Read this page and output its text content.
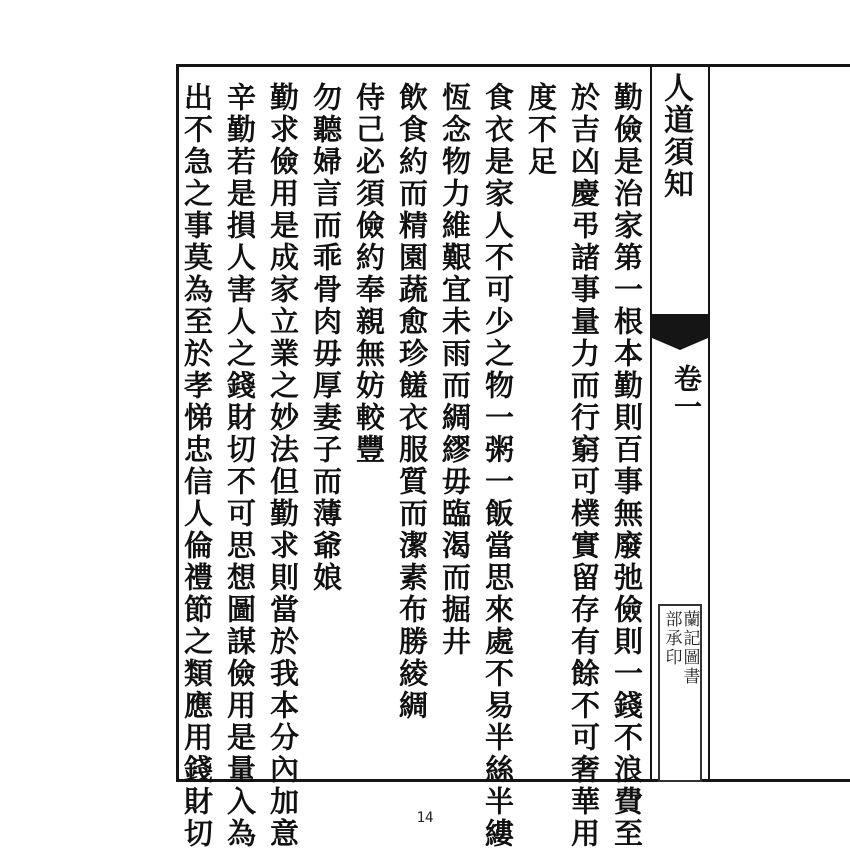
勤儉是治家第一根本勤則百事無廢弛儉則一錢不浪費至
於吉凶慶弔諸事量力而行窮可樸實留存有餘不可奢華用
度不足
食衣是家人不可少之物一粥一飯當思來處不易半絲半縷
恆念物力維艱宜未雨而綢繆毋臨渴而掘井
飲食約而精園蔬愈珍饈衣服質而潔素布勝綾綢
侍己必須儉約奉親無妨較豐
勿聽婦言而乖骨肉毋厚妻子而薄爺娘
勤求儉用是成家立業之妙法但勤求則當於我本分內加意
辛勤若是損人害人之錢財切不可思想圖謀儉用是量入為
出不急之事莫為至於孝悌忠信人倫禮節之類應用錢財切	人道須知
卷一
蘭記圖書
部承印
14
